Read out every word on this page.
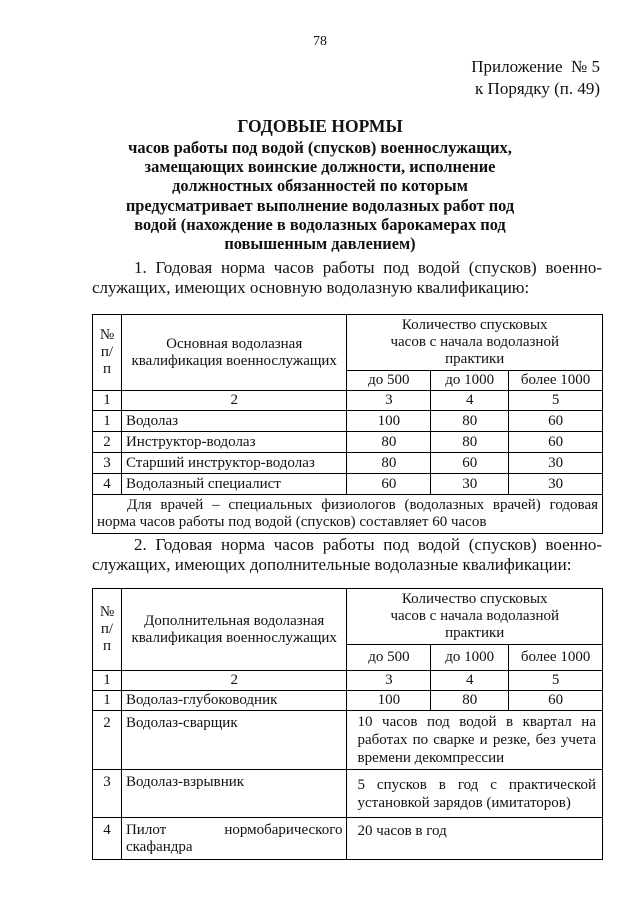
78
Приложение  № 5
к Порядку (п. 49)
ГОДОВЫЕ НОРМЫ
часов работы под водой (спусков) военнослужащих, замещающих воинские должности, исполнение должностных обязанностей по которым предусматривает выполнение водолазных работ под водой (нахождение в водолазных барокамерах под повышенным давлением)
1. Годовая норма часов работы под водой (спусков) военно-служащих, имеющих основную водолазную квалификацию:
№ п/п	Основная водолазная квалификация военнослужащих	Количество спусковых часов с начала водолазной практики		
		до 500	до 1000	более 1000
1	2	3	4	5
1	Водолаз	100	80	60
2	Инструктор-водолаз	80	80	60
3	Старший инструктор-водолаз	80	60	30
4	Водолазный специалист	60	30	30
Для врачей – специальных физиологов (водолазных врачей) годовая норма часов работы под водой (спусков) составляет 60 часов				
2. Годовая норма часов работы под водой (спусков) военно-служащих, имеющих дополнительные водолазные квалификации:
№ п/п	Дополнительная водолазная квалификация военнослужащих	Количество спусковых часов с начала водолазной практики		
		до 500	до 1000	более 1000
1	2	3	4	5
1	Водолаз-глубоководник	100	80	60
2	Водолаз-сварщик	10 часов под водой в квартал на работах по сварке и резке, без учета времени декомпрессии		
3	Водолаз-взрывник	5 спусков в год с практической установкой зарядов (имитаторов)		
4	Пилот нормобарического скафандра	20 часов в год		
